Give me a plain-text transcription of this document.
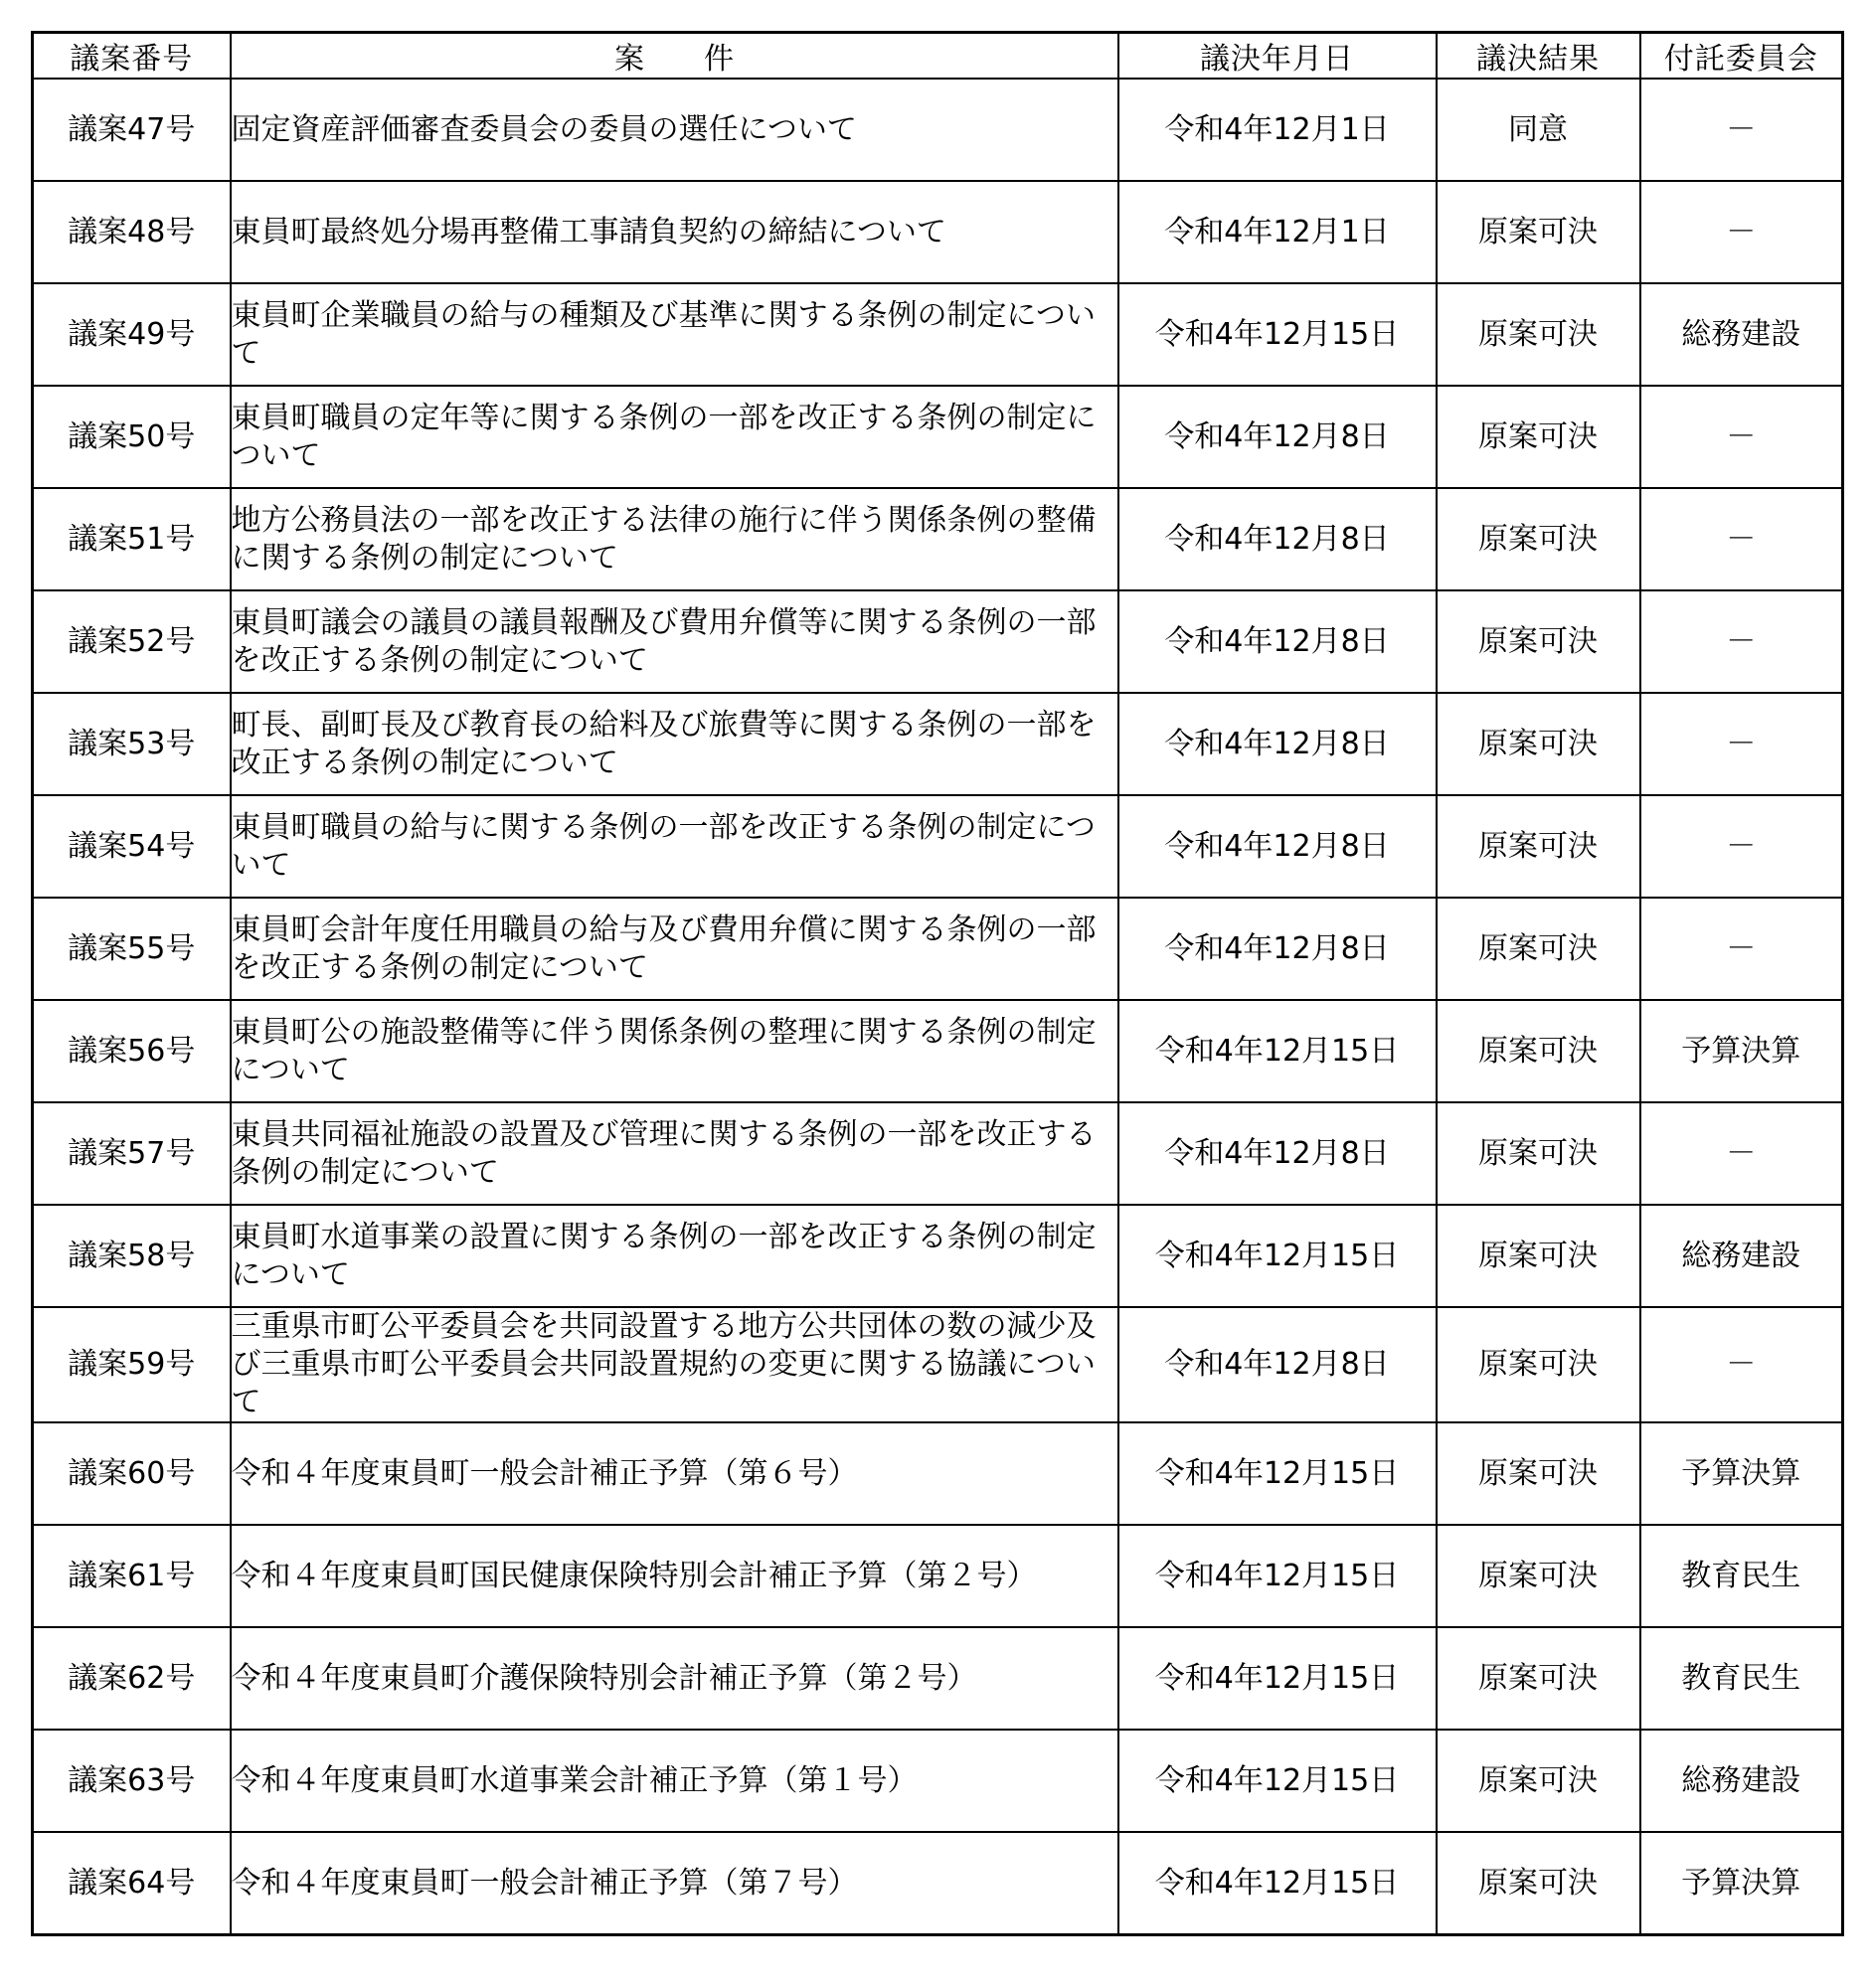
議案番号	案件	議決年月日	議決結果	付託委員会
議案47号	固定資産評価審査委員会の委員の選任について	令和4年12月1日	同意	－
議案48号	東員町最終処分場再整備工事請負契約の締結について	令和4年12月1日	原案可決	－
議案49号	東員町企業職員の給与の種類及び基準に関する条例の制定について	令和4年12月15日	原案可決	総務建設
議案50号	東員町職員の定年等に関する条例の一部を改正する条例の制定について	令和4年12月8日	原案可決	－
議案51号	地方公務員法の一部を改正する法律の施行に伴う関係条例の整備に関する条例の制定について	令和4年12月8日	原案可決	－
議案52号	東員町議会の議員の議員報酬及び費用弁償等に関する条例の一部を改正する条例の制定について	令和4年12月8日	原案可決	－
議案53号	町長、副町長及び教育長の給料及び旅費等に関する条例の一部を改正する条例の制定について	令和4年12月8日	原案可決	－
議案54号	東員町職員の給与に関する条例の一部を改正する条例の制定について	令和4年12月8日	原案可決	－
議案55号	東員町会計年度任用職員の給与及び費用弁償に関する条例の一部を改正する条例の制定について	令和4年12月8日	原案可決	－
議案56号	東員町公の施設整備等に伴う関係条例の整理に関する条例の制定について	令和4年12月15日	原案可決	予算決算
議案57号	東員共同福祉施設の設置及び管理に関する条例の一部を改正する条例の制定について	令和4年12月8日	原案可決	－
議案58号	東員町水道事業の設置に関する条例の一部を改正する条例の制定について	令和4年12月15日	原案可決	総務建設
議案59号	三重県市町公平委員会を共同設置する地方公共団体の数の減少及び三重県市町公平委員会共同設置規約の変更に関する協議について	令和4年12月8日	原案可決	－
議案60号	令和４年度東員町一般会計補正予算（第６号）	令和4年12月15日	原案可決	予算決算
議案61号	令和４年度東員町国民健康保険特別会計補正予算（第２号）	令和4年12月15日	原案可決	教育民生
議案62号	令和４年度東員町介護保険特別会計補正予算（第２号）	令和4年12月15日	原案可決	教育民生
議案63号	令和４年度東員町水道事業会計補正予算（第１号）	令和4年12月15日	原案可決	総務建設
議案64号	令和４年度東員町一般会計補正予算（第７号）	令和4年12月15日	原案可決	予算決算
